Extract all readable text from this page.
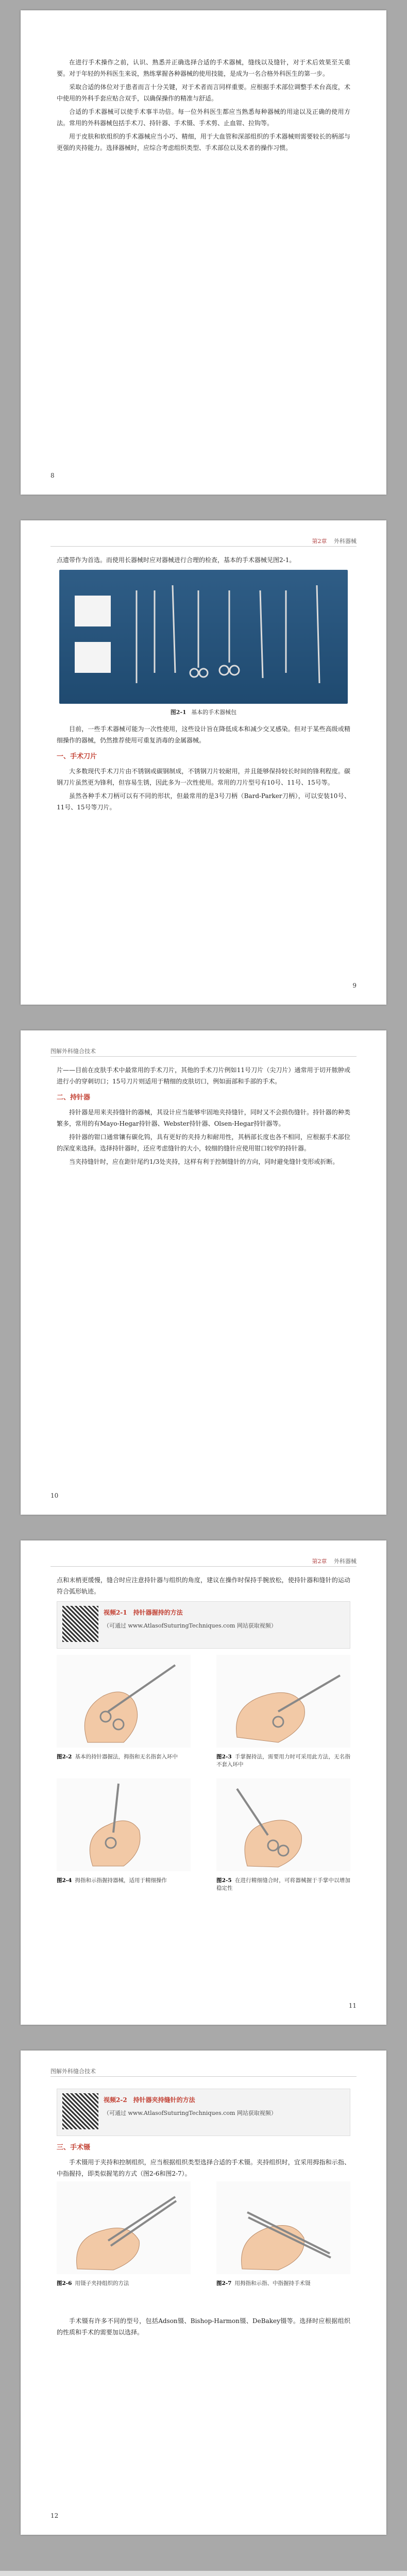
在进行手术操作之前，认识、熟悉并正确选择合适的手术器械，缝线以及缝针，对于术后效果至关重要。对于年轻的外科医生来说，熟练掌握各种器械的使用技能，是成为一名合格外科医生的第一步。

采取合适的体位对于患者而言十分关键，对于术者而言同样重要。应根据手术部位调整手术台高度，术中使用的外科手套应贴合双手，以确保操作的精准与舒适。

合适的手术器械可以使手术事半功倍。每一位外科医生都应当熟悉每种器械的用途以及正确的使用方法。常用的外科器械包括手术刀、持针器、手术镊、手术剪、止血钳、拉钩等。

用于皮肤和软组织的手术器械应当小巧、精细，用于大血管和深部组织的手术器械则需要较长的柄部与更强的夹持能力。选择器械时，应综合考虑组织类型、手术部位以及术者的操作习惯。

8
第2章 外科器械

点遗带作为首选。而使用长器械时应对器械进行合理的检查，基本的手术器械见图2-1。

图2-1 基本的手术器械包

目前，一些手术器械可能为一次性使用，这些设计旨在降低成本和减少交叉感染。但对于某些高级或精细操作的器械，仍然推荐使用可重复消毒的金属器械。

一、手术刀片

大多数现代手术刀片由不锈钢或碳钢制成，不锈钢刀片较耐用，并且能够保持较长时间的锋利程度。碳钢刀片虽然更为锋利，但容易生锈，因此多为一次性使用。常用的刀片型号有10号、11号、15号等。

虽然各种手术刀柄可以有不同的形状，但最常用的是3号刀柄（Bard-Parker刀柄），可以安装10号、11号、15号等刀片。

9
图解外科缝合技术

片——目前在皮肤手术中最常用的手术刀片，其他的手术刀片例如11号刀片（尖刀片）通常用于切开脓肿或进行小的穿刺切口；15号刀片则适用于精细的皮肤切口，例如面部和手部的手术。

二、持针器

持针器是用来夹持缝针的器械，其设计应当能够牢固地夹持缝针，同时又不会损伤缝针。持针器的种类繁多，常用的有Mayo-Hegar持针器、Webster持针器、Olsen-Hegar持针器等。

持针器的钳口通常镶有碳化钨，具有更好的夹持力和耐用性，其柄部长度也各不相同，应根据手术部位的深度来选择。选择持针器时，还应考虑缝针的大小，较细的缝针应使用钳口较窄的持针器。

当夹持缝针时，应在距针尾约1/3处夹持，这样有利于控制缝针的方向，同时避免缝针变形或折断。

10
第2章 外科器械

点和末梢更缓慢，缝合时应注意持针器与组织的角度，建议在操作时保持手腕放松，使持针器和缝针的运动符合弧形轨迹。

视频2-1　持针器握持的方法
（可通过 www.AtlasofSuturingTechniques.com 网站获取视频）
图2-2 基本的持针器握法，拇指和无名指套入环中	图2-3 手掌握持法，需要用力时可采用此方法，无名指不套入环中
图2-4 拇指和示指握持器械，适用于精细操作	图2-5 在进行精细缝合时，可将器械握于手掌中以增加稳定性
11
图解外科缝合技术
视频2-2　持针器夹持缝针的方法
（可通过 www.AtlasofSuturingTechniques.com 网站获取视频）
三、手术镊

手术镊用于夹持和控制组织，应当根据组织类型选择合适的手术镊。夹持组织时，宜采用拇指和示指、中指握持，即类似握笔的方式（图2-6和图2-7）。

图2-6 用镊子夹持组织的方法	图2-7 用拇指和示指、中指握持手术镊

手术镊有许多不同的型号，包括Adson镊、Bishop-Harmon镊、DeBakey镊等。选择时应根据组织的性质和手术的需要加以选择。

12
